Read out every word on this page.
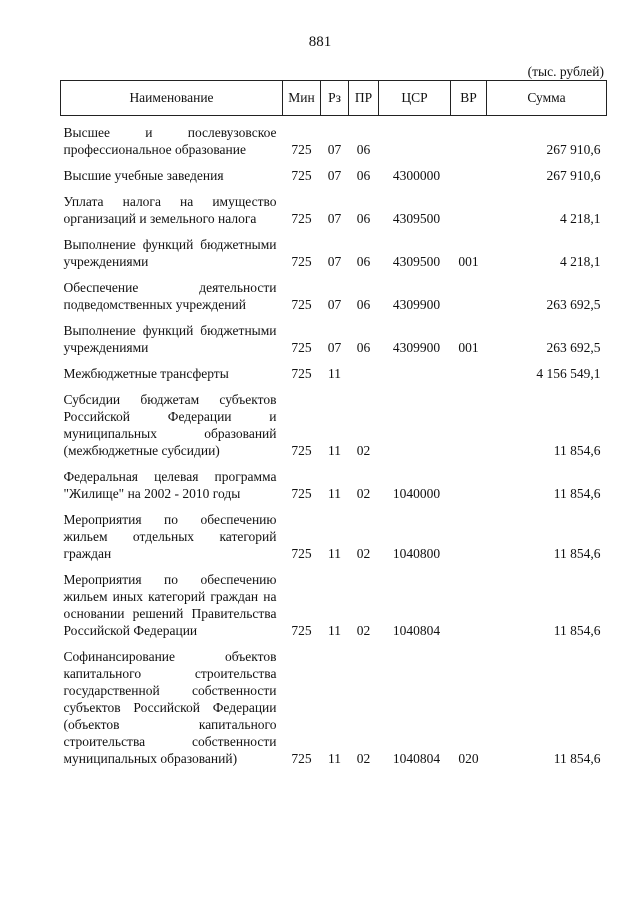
881
(тыс. рублей)
Наименование	Мин	Рз	ПР	ЦСР	ВР	Сумма
Высшее и послевузовское профессиональное образование	725	07	06			267 910,6
Высшие учебные заведения	725	07	06	4300000		267 910,6
Уплата налога на имущество организаций и земельного налога	725	07	06	4309500		4 218,1
Выполнение функций бюджетными учреждениями	725	07	06	4309500	001	4 218,1
Обеспечение деятельности подведомственных учреждений	725	07	06	4309900		263 692,5
Выполнение функций бюджетными учреждениями	725	07	06	4309900	001	263 692,5
Межбюджетные трансферты	725	11				4 156 549,1
Субсидии бюджетам субъектов Российской Федерации и муниципальных образований (межбюджетные субсидии)	725	11	02			11 854,6
Федеральная целевая программа "Жилище" на 2002 - 2010 годы	725	11	02	1040000		11 854,6
Мероприятия по обеспечению жильем отдельных категорий граждан	725	11	02	1040800		11 854,6
Мероприятия по обеспечению жильем иных категорий граждан на основании решений Правительства Российской Федерации	725	11	02	1040804		11 854,6
Софинансирование объектов капитального строительства государственной собственности субъектов Российской Федерации (объектов капитального строительства собственности муниципальных образований)	725	11	02	1040804	020	11 854,6
